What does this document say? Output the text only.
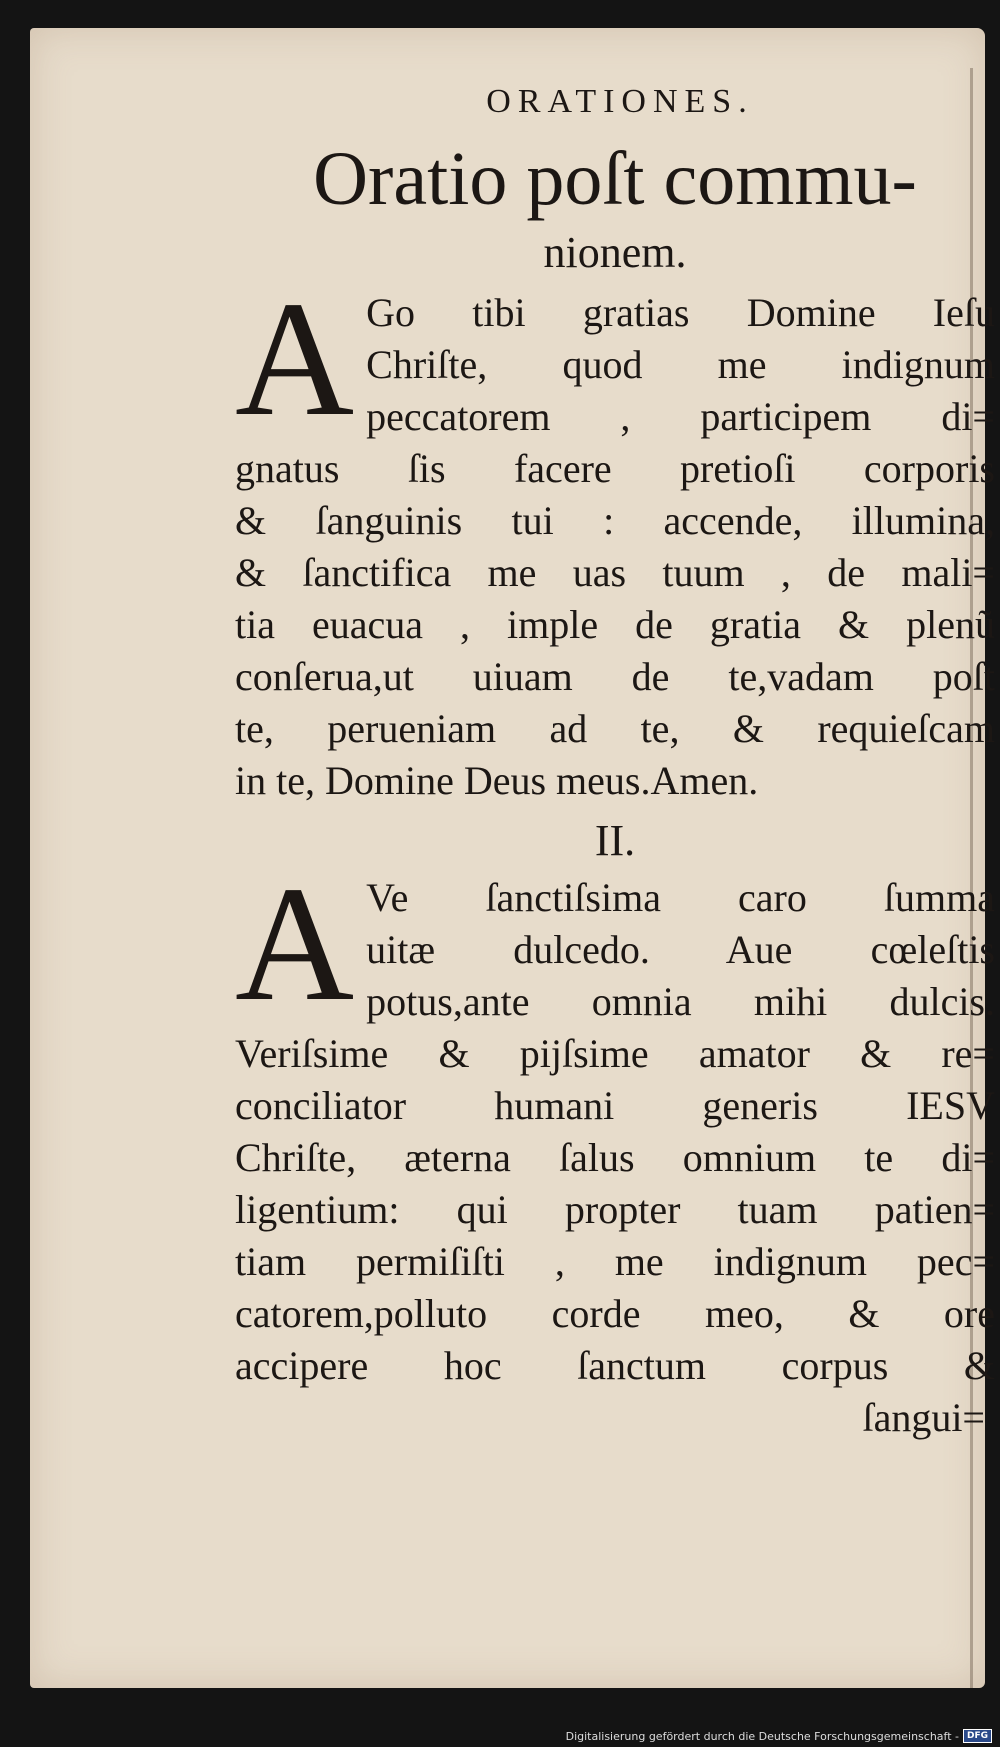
ORATIONES.
Oratio poſt commu-
nionem.
A Go tibi gratias Domine Ieſu
Chriſte, quod me indignum
peccatorem , participem di=
gnatus ſis facere pretioſi corporis
& ſanguinis tui : accende, illumina,
& ſanctifica me uas tuum , de mali=
tia euacua , imple de gratia & plenũ
conſerua,ut uiuam de te,vadam poſt
te, perueniam ad te, & requieſcam
in te, Domine Deus meus.Amen.
II.
A Ve ſanctiſsima caro ſumma
uitæ dulcedo. Aue cœleſtis
potus,ante omnia mihi dulcis.
Veriſsime & pijſsime amator & re=
conciliator humani generis IESV
Chriſte, æterna ſalus omnium te di=
ligentium: qui propter tuam patien=
tiam permiſiſti , me indignum pec=
catorem,polluto corde meo, & ore
accipere hoc ſanctum corpus &
ſangui=
Digitalisierung gefördert durch die Deutsche Forschungsgemeinschaft - DFG
